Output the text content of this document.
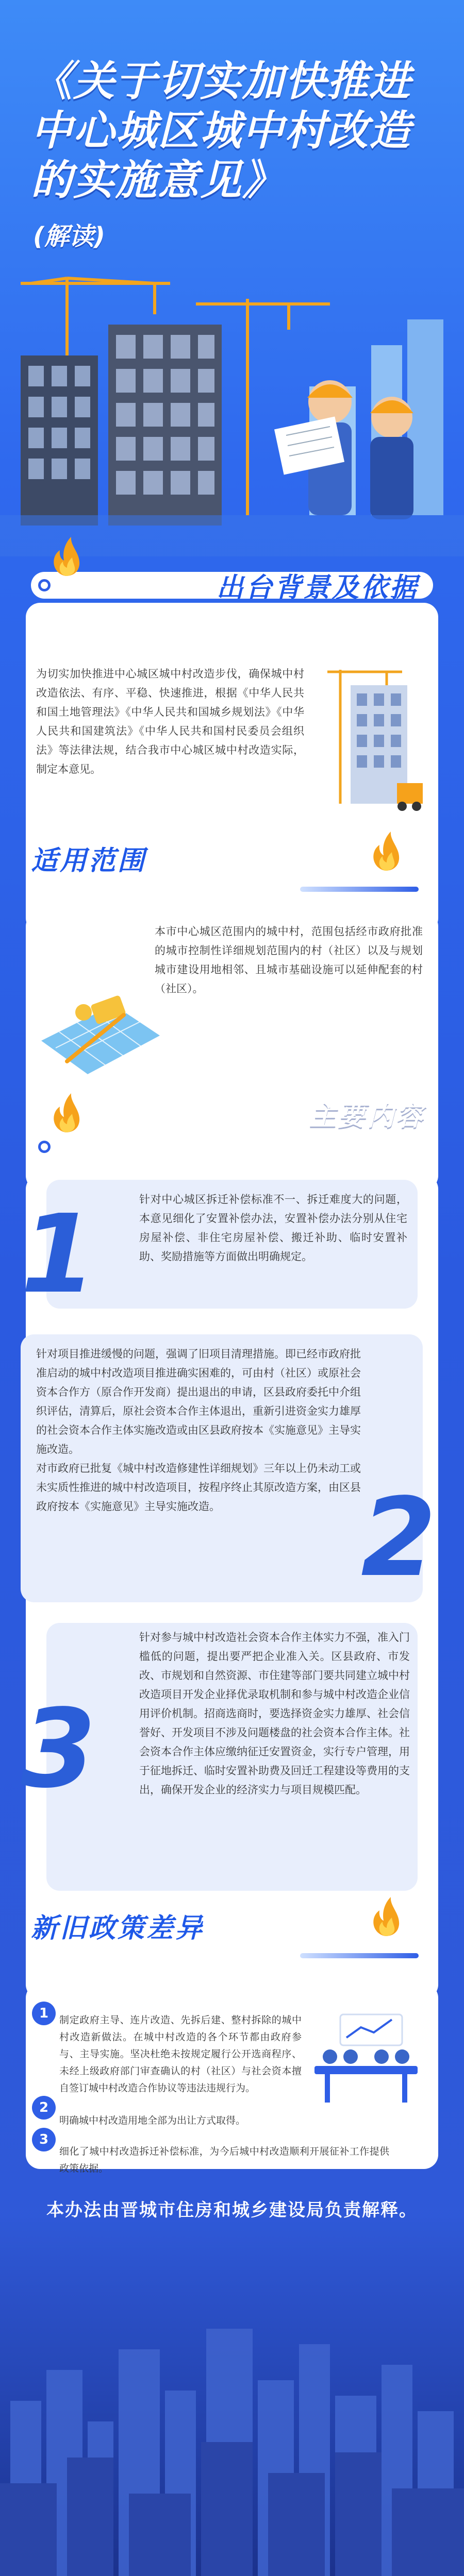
《关于切实加快推进
中心城区城中村改造
的实施意见》
(解读)
出台背景及依据
为切实加快推进中心城区城中村改造步伐，确保城中村改造依法、有序、平稳、快速推进，根据《中华人民共和国土地管理法》《中华人民共和国城乡规划法》《中华人民共和国建筑法》《中华人民共和国村民委员会组织法》等法律法规，结合我市中心城区城中村改造实际，制定本意见。
适用范围
本市中心城区范围内的城中村，范围包括经市政府批准的城市控制性详细规划范围内的村（社区）以及与规划城市建设用地相邻、且城市基础设施可以延伸配套的村（社区）。
主要内容
1	针对中心城区拆迁补偿标准不一、拆迁难度大的问题，本意见细化了安置补偿办法，安置补偿办法分别从住宅房屋补偿、非住宅房屋补偿、搬迁补助、临时安置补助、奖励措施等方面做出明确规定。
针对项目推进缓慢的问题，强调了旧项目清理措施。即已经市政府批准启动的城中村改造项目推进确实困难的，可由村（社区）或原社会资本合作方（原合作开发商）提出退出的申请，区县政府委托中介组织评估，清算后，原社会资本合作主体退出，重新引进资金实力雄厚的社会资本合作主体实施改造或由区县政府按本《实施意见》主导实施改造。
对市政府已批复《城中村改造修建性详细规划》三年以上仍未动工或未实质性推进的城中村改造项目，按程序终止其原改造方案，由区县政府按本《实施意见》主导实施改造。	2
3
针对参与城中村改造社会资本合作主体实力不强，准入门槛低的问题，提出要严把企业准入关。区县政府、市发改、市规划和自然资源、市住建等部门要共同建立城中村改造项目开发企业择优录取机制和参与城中村改造企业信用评价机制。招商选商时，要选择资金实力雄厚、社会信誉好、开发项目不涉及问题楼盘的社会资本合作主体。社会资本合作主体应缴纳征迁安置资金，实行专户管理，用于征地拆迁、临时安置补助费及回迁工程建设等费用的支出，确保开发企业的经济实力与项目规模匹配。
新旧政策差异
1	制定政府主导、连片改造、先拆后建、整村拆除的城中村改造新做法。在城中村改造的各个环节都由政府参与、主导实施。坚决杜绝未按规定履行公开选商程序、未经上级政府部门审查确认的村（社区）与社会资本擅自签订城中村改造合作协议等违法违规行为。
2
明确城中村改造用地全部为出让方式取得。
3
细化了城中村改造拆迁补偿标准，为今后城中村改造顺利开展征补工作提供政策依据。
本办法由晋城市住房和城乡建设局负责解释。
